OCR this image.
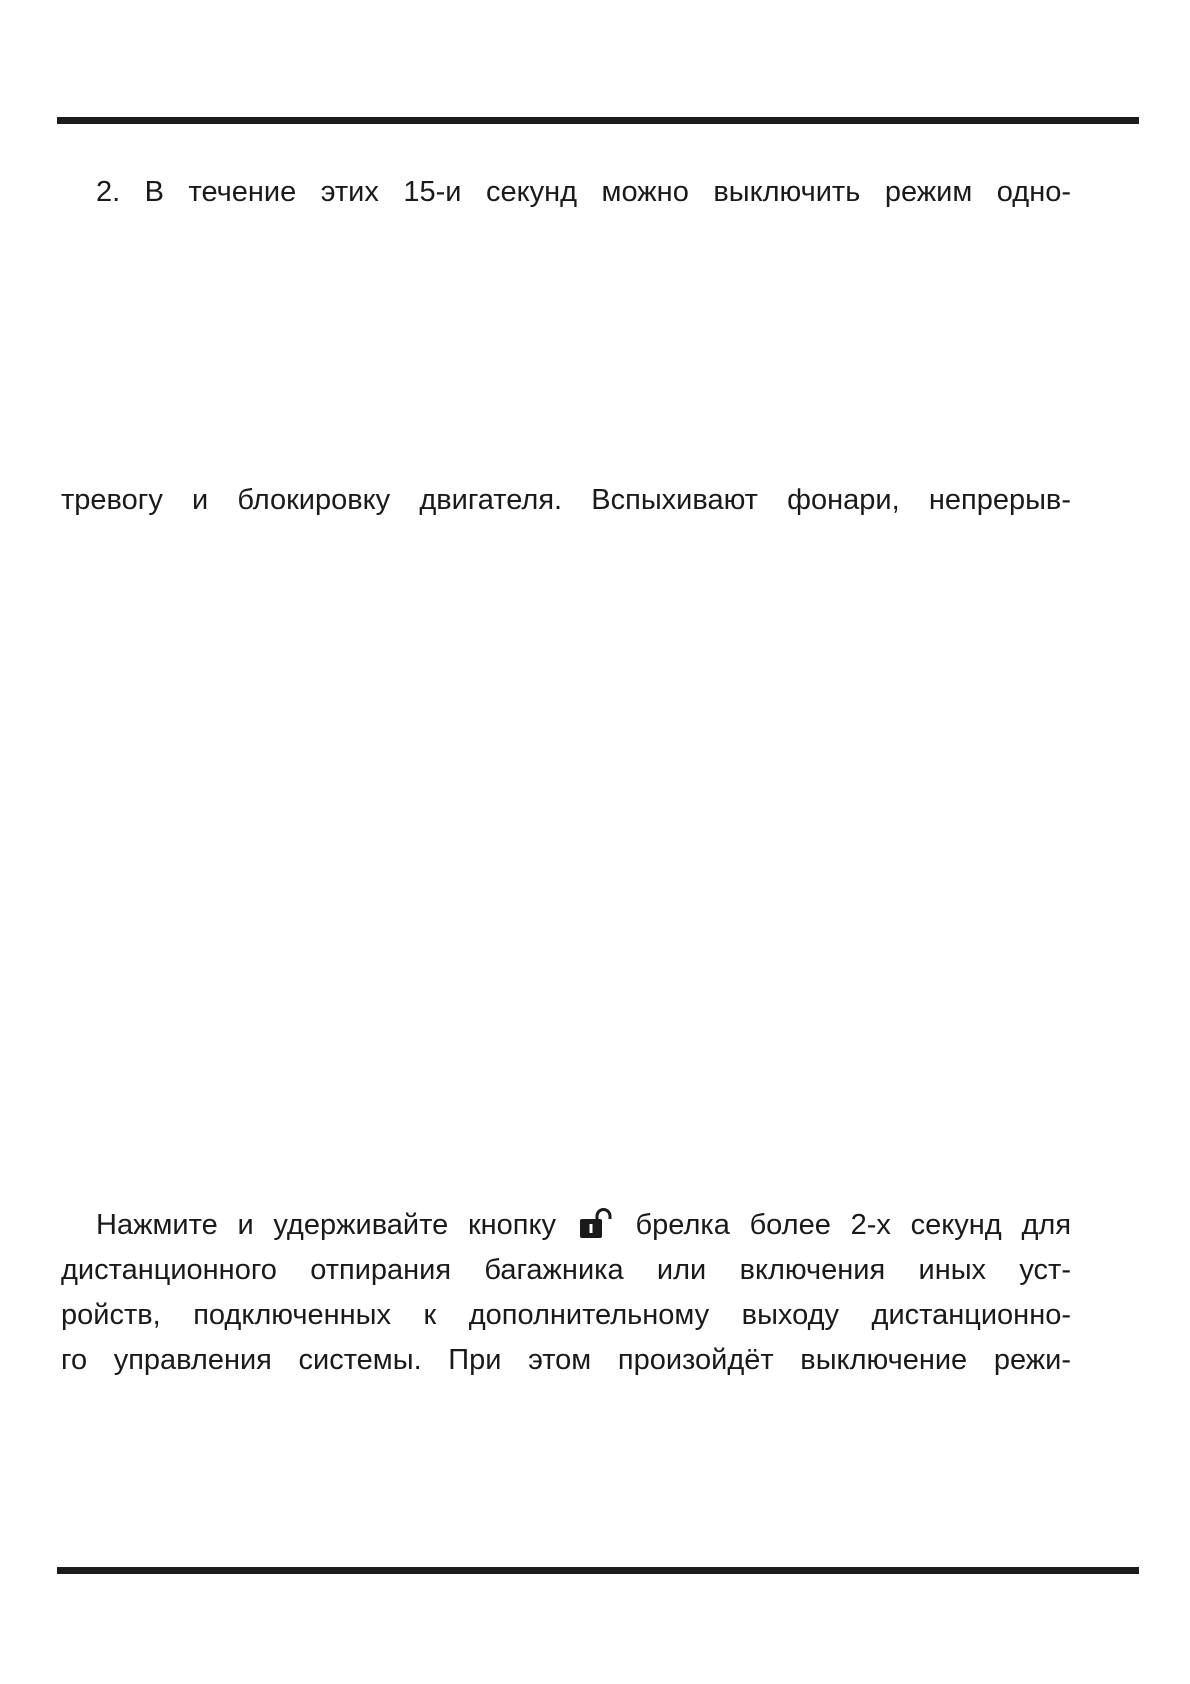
2. В течение этих 15-и секунд можно выключить режим одно-
тревогу и блокировку двигателя. Вспыхивают фонари, непрерыв-
Нажмите и удерживайте кнопку	брелка более 2-х секунд для
дистанционного отпирания багажника или включения иных уст-
ройств, подключенных к дополнительному выходу дистанционно-
го управления системы. При этом произойдёт выключение режи-
